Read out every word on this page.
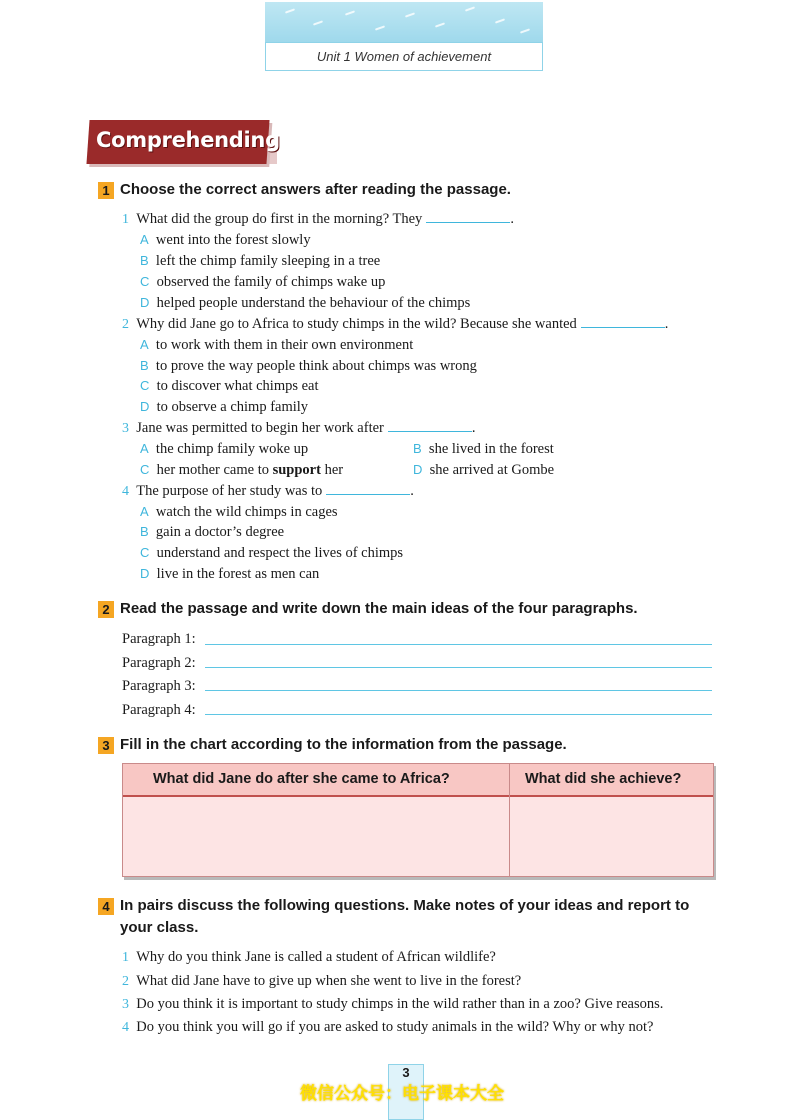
Unit 1 Women of achievement
Comprehending
1 Choose the correct answers after reading the passage.
1 What did the group do first in the morning? They	.
A went into the forest slowly
B left the chimp family sleeping in a tree
C observed the family of chimps wake up
D helped people understand the behaviour of the chimps
2 Why did Jane go to Africa to study chimps in the wild? Because she wanted	.
A to work with them in their own environment
B to prove the way people think about chimps was wrong
C to discover what chimps eat
D to observe a chimp family
3 Jane was permitted to begin her work after	.
A the chimp family woke up	B she lived in the forest
C her mother came to support her	D she arrived at Gombe
4 The purpose of her study was to	.
A watch the wild chimps in cages
B gain a doctor’s degree
C understand and respect the lives of chimps
D live in the forest as men can
2 Read the passage and write down the main ideas of the four paragraphs.
Paragraph 1:
Paragraph 2:
Paragraph 3:
Paragraph 4:
3 Fill in the chart according to the information from the passage.
What did Jane do after she came to Africa?	What did she achieve?
4 In pairs discuss the following questions. Make notes of your ideas and report to
your class.
1 Why do you think Jane is called a student of African wildlife?
2 What did Jane have to give up when she went to live in the forest?
3 Do you think it is important to study chimps in the wild rather than in a zoo? Give reasons.
4 Do you think you will go if you are asked to study animals in the wild? Why or why not?
3
微信公众号：电子课本大全
